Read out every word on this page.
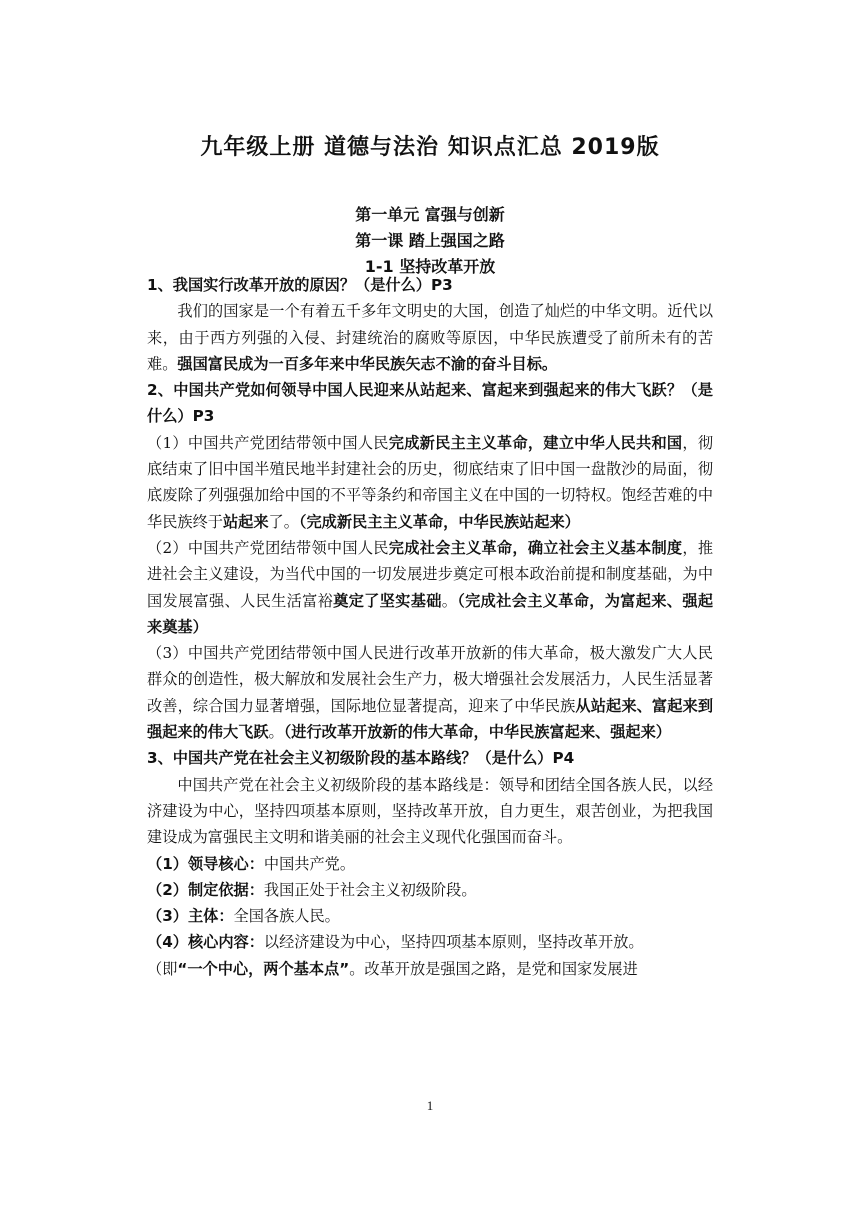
九年级上册 道德与法治 知识点汇总 2019版
第一单元 富强与创新
第一课 踏上强国之路
1-1 坚持改革开放

1、我国实行改革开放的原因？（是什么）P3

我们的国家是一个有着五千多年文明史的大国，创造了灿烂的中华文明。近代以来，由于西方列强的入侵、封建统治的腐败等原因，中华民族遭受了前所未有的苦难。强国富民成为一百多年来中华民族矢志不渝的奋斗目标。

2、中国共产党如何领导中国人民迎来从站起来、富起来到强起来的伟大飞跃？（是什么）P3

（1）中国共产党团结带领中国人民完成新民主主义革命，建立中华人民共和国，彻底结束了旧中国半殖民地半封建社会的历史，彻底结束了旧中国一盘散沙的局面，彻底废除了列强强加给中国的不平等条约和帝国主义在中国的一切特权。饱经苦难的中华民族终于站起来了。（完成新民主主义革命，中华民族站起来）

（2）中国共产党团结带领中国人民完成社会主义革命，确立社会主义基本制度，推进社会主义建设，为当代中国的一切发展进步奠定可根本政治前提和制度基础，为中国发展富强、人民生活富裕奠定了坚实基础。（完成社会主义革命，为富起来、强起来奠基）

（3）中国共产党团结带领中国人民进行改革开放新的伟大革命，极大激发广大人民群众的创造性，极大解放和发展社会生产力，极大增强社会发展活力，人民生活显著改善，综合国力显著增强，国际地位显著提高，迎来了中华民族从站起来、富起来到强起来的伟大飞跃。（进行改革开放新的伟大革命，中华民族富起来、强起来）

3、中国共产党在社会主义初级阶段的基本路线？（是什么）P4

中国共产党在社会主义初级阶段的基本路线是：领导和团结全国各族人民，以经济建设为中心，坚持四项基本原则，坚持改革开放，自力更生，艰苦创业，为把我国建设成为富强民主文明和谐美丽的社会主义现代化强国而奋斗。

（1）领导核心：中国共产党。

（2）制定依据：我国正处于社会主义初级阶段。

（3）主体：全国各族人民。

（4）核心内容：以经济建设为中心，坚持四项基本原则，坚持改革开放。

（即“一个中心，两个基本点”。改革开放是强国之路，是党和国家发展进

1
